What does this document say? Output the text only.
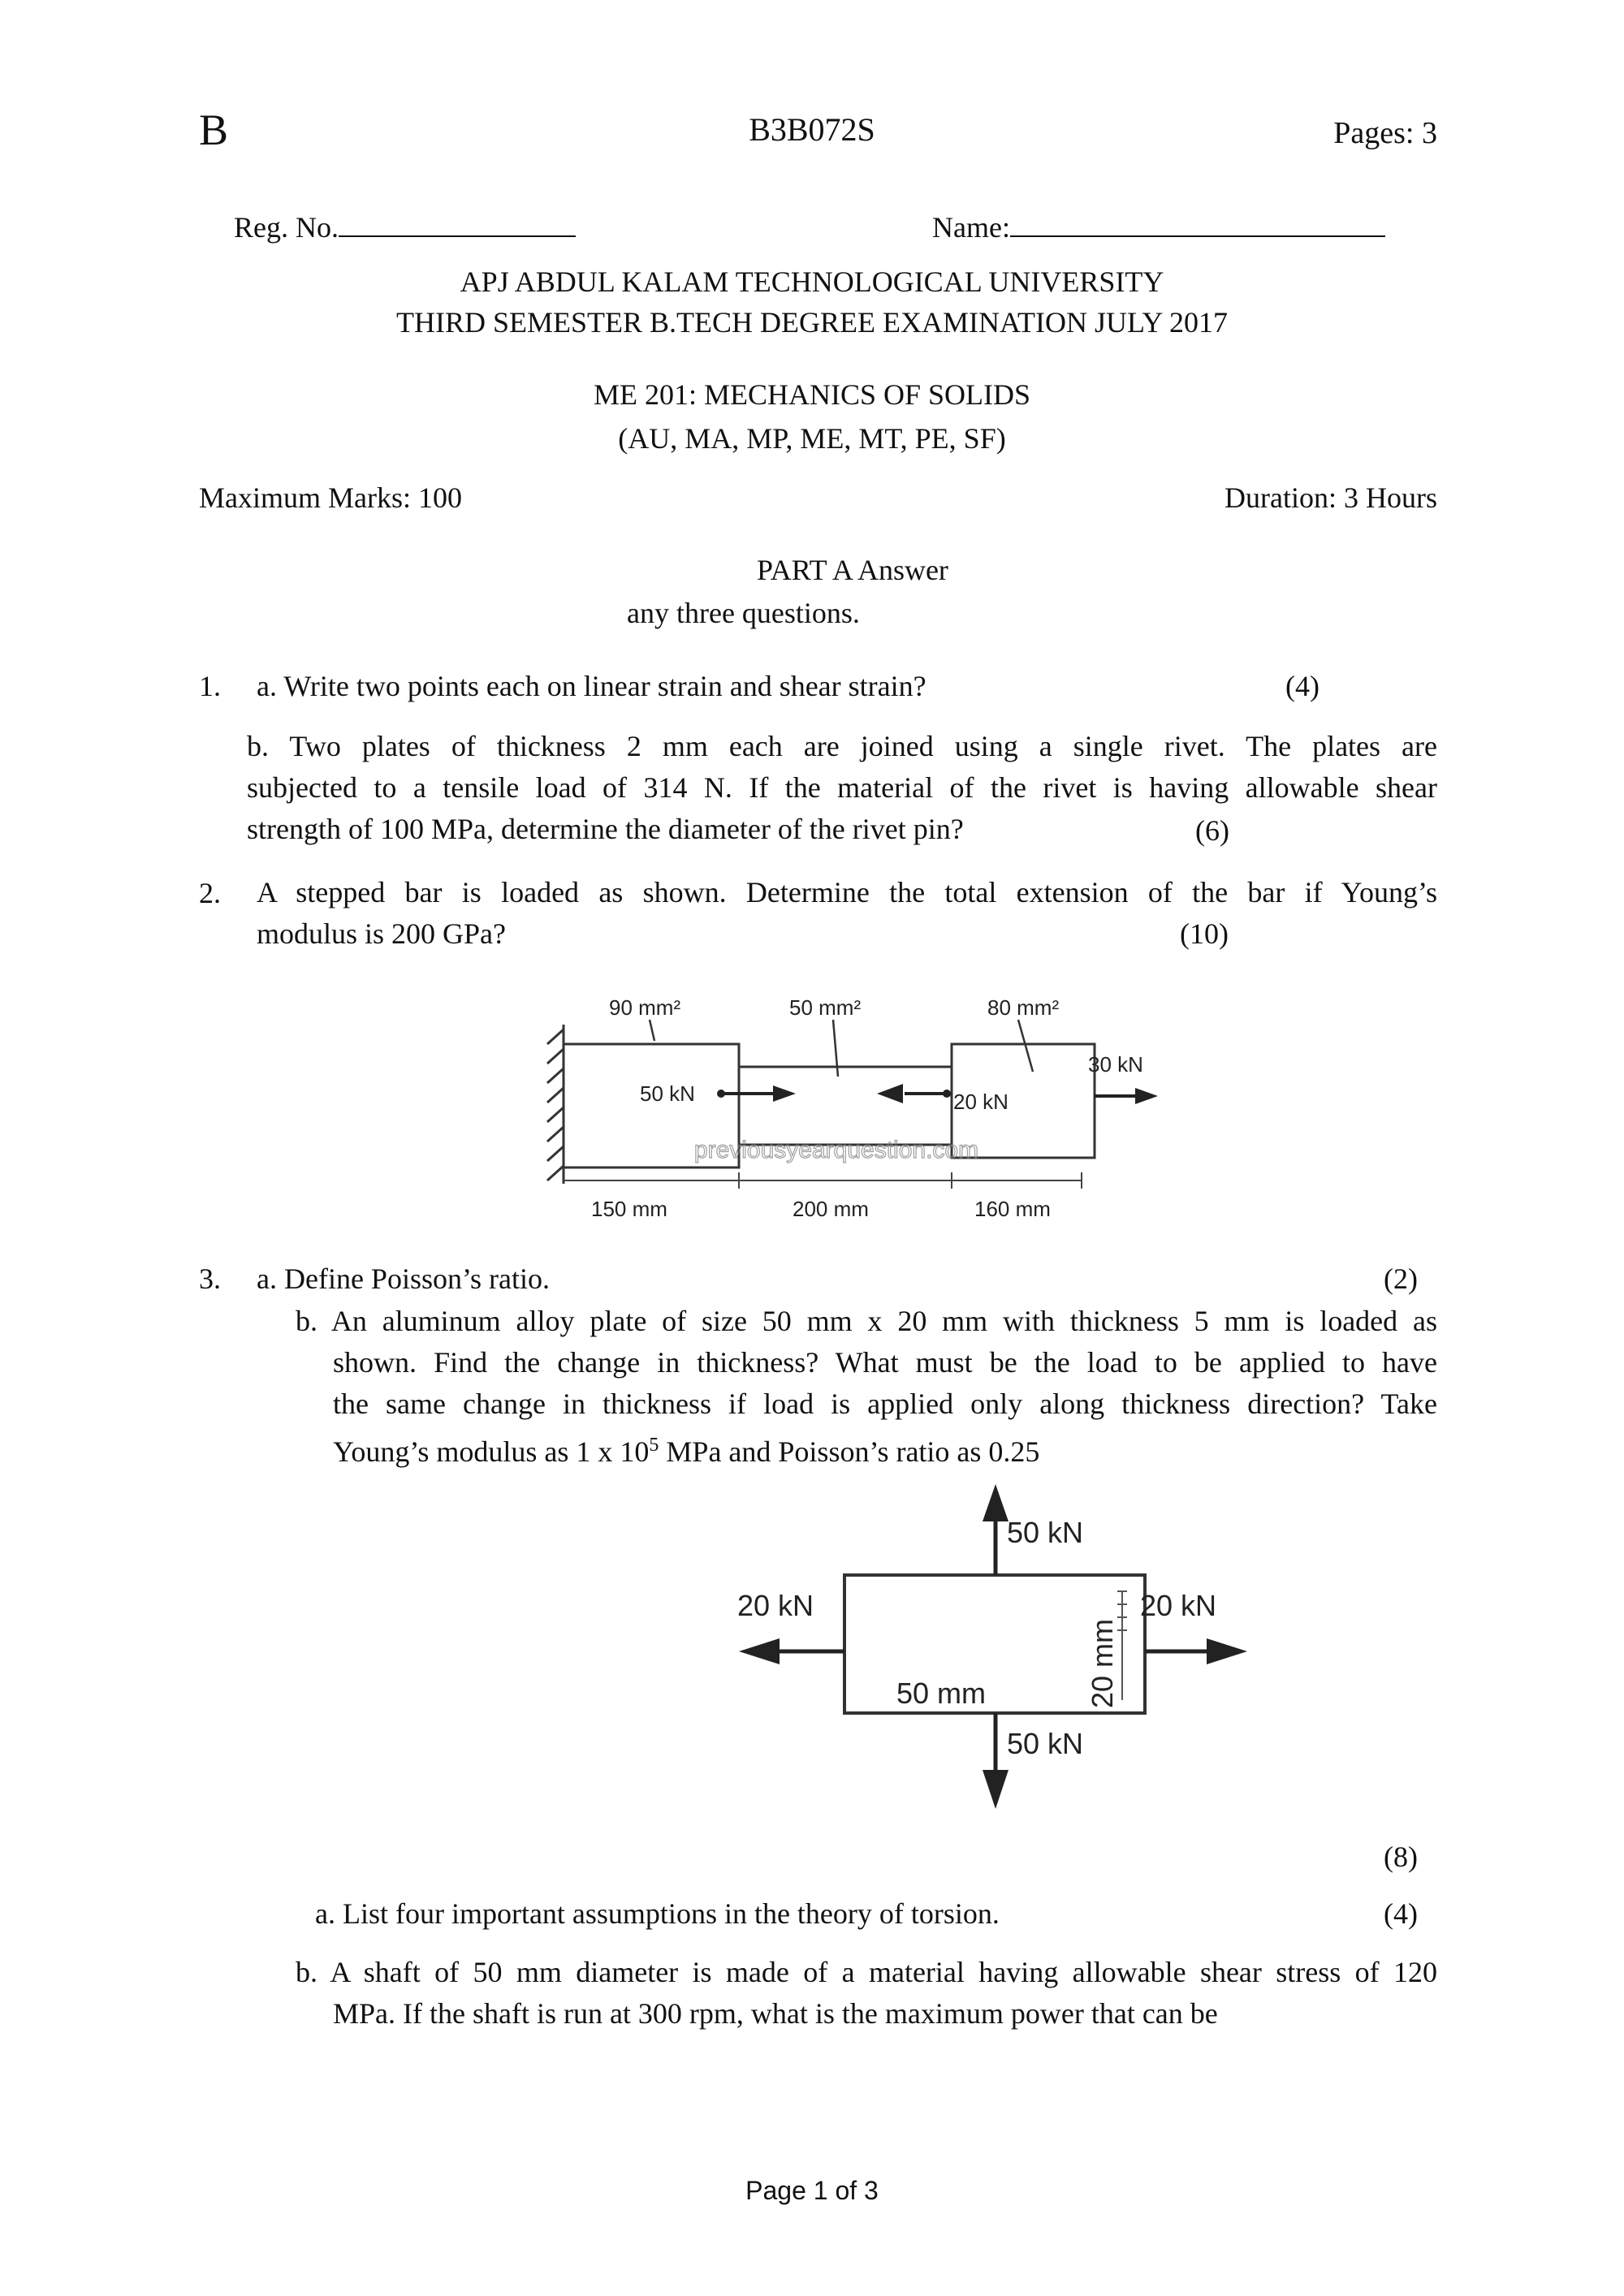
B	B3B072S	Pages: 3
Reg. No.	Name:
APJ ABDUL KALAM TECHNOLOGICAL UNIVERSITY
THIRD SEMESTER B.TECH DEGREE EXAMINATION JULY 2017
ME 201: MECHANICS OF SOLIDS
(AU, MA, MP, ME, MT, PE, SF)
Maximum Marks: 100	Duration: 3 Hours
PART A Answer
any three questions.
1. a. Write two points each on linear strain and shear strain?	(4)
b. Two plates of thickness 2 mm each are joined using a single rivet. The plates are
subjected to a tensile load of 314 N. If the material of the rivet is having allowable shear
strength of 100 MPa, determine the diameter of the rivet pin?	(6)
2. A stepped bar is loaded as shown. Determine the total extension of the bar if Young’s
modulus is 200 GPa?	(10)
90 mm²	50 mm²	80 mm²
50 kN	20 kN
30 kN
150 mm	200 mm	160 mm
previousyearquestion.com
3. a. Define Poisson’s ratio.	(2)
b. An aluminum alloy plate of size 50 mm x 20 mm with thickness 5 mm is loaded as
shown. Find the change in thickness? What must be the load to be applied to have
the same change in thickness if load is applied only along thickness direction? Take
Young’s modulus as 1 x $10^5$ MPa and Poisson’s ratio as 0.25
50 kN
50 kN
20 kN	20 kN
50 mm	20 mm
(8)
a. List four important assumptions in the theory of torsion.	(4)
b. A shaft of 50 mm diameter is made of a material having allowable shear stress of 120
MPa. If the shaft is run at 300 rpm, what is the maximum power that can be
Page 1 of 3
